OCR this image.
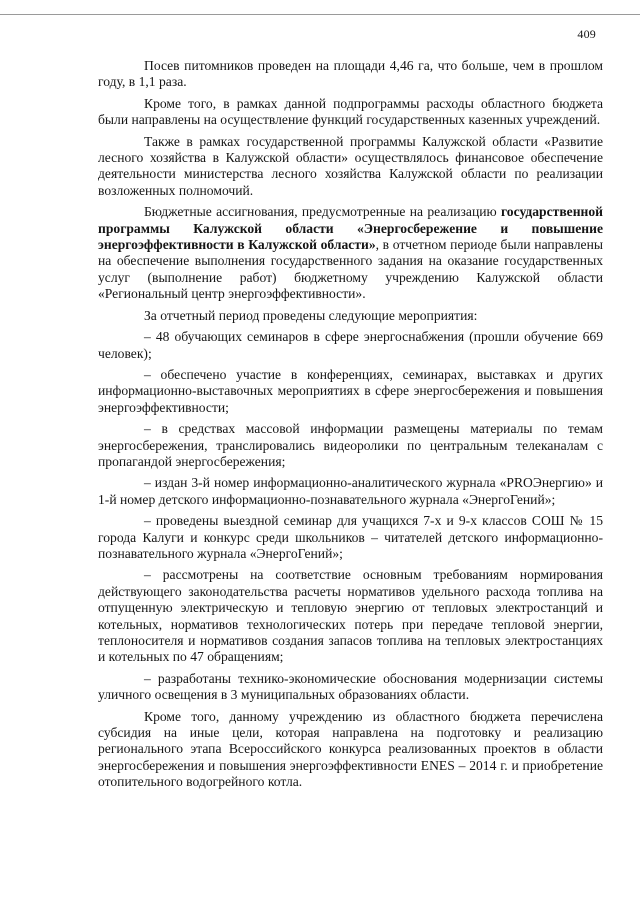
409

Посев питомников проведен на площади 4,46 га, что больше, чем в прошлом году, в 1,1 раза.

Кроме того, в рамках данной подпрограммы расходы областного бюджета были направлены на осуществление функций государственных казенных учреждений.

Также в рамках государственной программы Калужской области «Развитие лесного хозяйства в Калужской области» осуществлялось финансовое обеспечение деятельности министерства лесного хозяйства Калужской области по реализации возложенных полномочий.

Бюджетные ассигнования, предусмотренные на реализацию государственной программы Калужской области «Энергосбережение и повышение энергоэффективности в Калужской области», в отчетном периоде были направлены на обеспечение выполнения государственного задания на оказание государственных услуг (выполнение работ) бюджетному учреждению Калужской области «Региональный центр энергоэффективности».

За отчетный период проведены следующие мероприятия:

– 48 обучающих семинаров в сфере энергоснабжения (прошли обучение 669 человек);

– обеспечено участие в конференциях, семинарах, выставках и других информационно-выставочных мероприятиях в сфере энергосбережения и повышения энергоэффективности;

– в средствах массовой информации размещены материалы по темам энергосбережения, транслировались видеоролики по центральным телеканалам с пропагандой энергосбережения;

– издан 3-й номер информационно-аналитического журнала «PROЭнергию» и 1-й номер детского информационно-познавательного журнала «ЭнергоГений»;

– проведены выездной семинар для учащихся 7-х и 9-х классов СОШ № 15 города Калуги и конкурс среди школьников – читателей детского информационно-познавательного журнала «ЭнергоГений»;

– рассмотрены на соответствие основным требованиям нормирования действующего законодательства расчеты нормативов удельного расхода топлива на отпущенную электрическую и тепловую энергию от тепловых электростанций и котельных, нормативов технологических потерь при передаче тепловой энергии, теплоносителя и нормативов создания запасов топлива на тепловых электростанциях и котельных по 47 обращениям;

– разработаны технико-экономические обоснования модернизации системы уличного освещения в 3 муниципальных образованиях области.

Кроме того, данному учреждению из областного бюджета перечислена субсидия на иные цели, которая направлена на подготовку и реализацию регионального этапа Всероссийского конкурса реализованных проектов в области энергосбережения и повышения энергоэффективности ENES – 2014 г. и приобретение отопительного водогрейного котла.
